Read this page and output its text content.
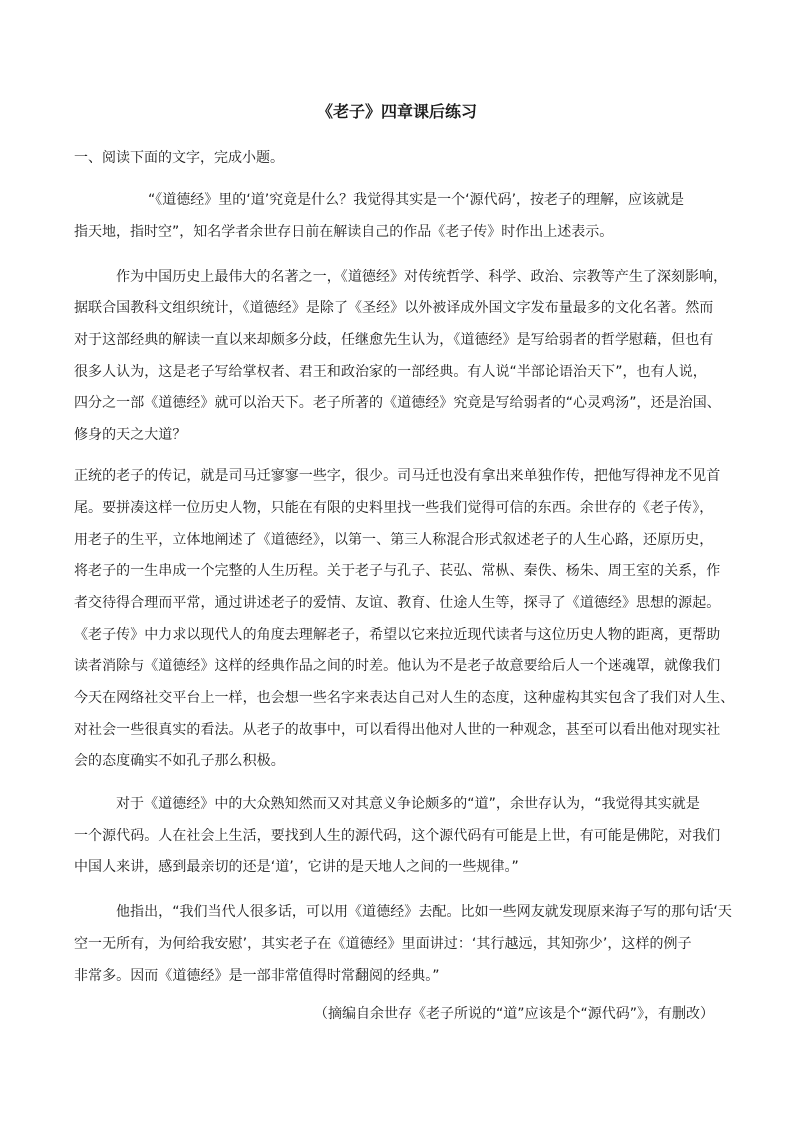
《老子》四章课后练习
一、阅读下面的文字，完成小题。
“《道德经》里的‘道’究竟是什么？我觉得其实是一个‘源代码’，按老子的理解，应该就是
指天地，指时空”，知名学者余世存日前在解读自己的作品《老子传》时作出上述表示。
作为中国历史上最伟大的名著之一，《道德经》对传统哲学、科学、政治、宗教等产生了深刻影响，
据联合国教科文组织统计，《道德经》是除了《圣经》以外被译成外国文字发布量最多的文化名著。然而
对于这部经典的解读一直以来却颇多分歧，任继愈先生认为，《道德经》是写给弱者的哲学慰藉，但也有
很多人认为，这是老子写给掌权者、君王和政治家的一部经典。有人说“半部论语治天下”，也有人说，
四分之一部《道德经》就可以治天下。老子所著的《道德经》究竟是写给弱者的“心灵鸡汤”，还是治国、
修身的天之大道？
正统的老子的传记，就是司马迁寥寥一些字，很少。司马迁也没有拿出来单独作传，把他写得神龙不见首
尾。要拼凑这样一位历史人物，只能在有限的史料里找一些我们觉得可信的东西。余世存的《老子传》，
用老子的生平，立体地阐述了《道德经》，以第一、第三人称混合形式叙述老子的人生心路，还原历史，
将老子的一生串成一个完整的人生历程。关于老子与孔子、苌弘、常枞、秦佚、杨朱、周王室的关系，作
者交待得合理而平常，通过讲述老子的爱情、友谊、教育、仕途人生等，探寻了《道德经》思想的源起。
《老子传》中力求以现代人的角度去理解老子，希望以它来拉近现代读者与这位历史人物的距离，更帮助
读者消除与《道德经》这样的经典作品之间的时差。他认为不是老子故意要给后人一个迷魂罩，就像我们
今天在网络社交平台上一样，也会想一些名字来表达自己对人生的态度，这种虚构其实包含了我们对人生、
对社会一些很真实的看法。从老子的故事中，可以看得出他对人世的一种观念，甚至可以看出他对现实社
会的态度确实不如孔子那么积极。
对于《道德经》中的大众熟知然而又对其意义争论颇多的“道”，余世存认为，“我觉得其实就是
一个源代码。人在社会上生活，要找到人生的源代码，这个源代码有可能是上世，有可能是佛陀，对我们
中国人来讲，感到最亲切的还是‘道’，它讲的是天地人之间的一些规律。”
他指出，“我们当代人很多话，可以用《道德经》去配。比如一些网友就发现原来海子写的那句话‘天
空一无所有，为何给我安慰’，其实老子在《道德经》里面讲过：‘其行越远，其知弥少’，这样的例子
非常多。因而《道德经》是一部非常值得时常翻阅的经典。”
（摘编自余世存《老子所说的“道”应该是个“源代码”》，有删改）
